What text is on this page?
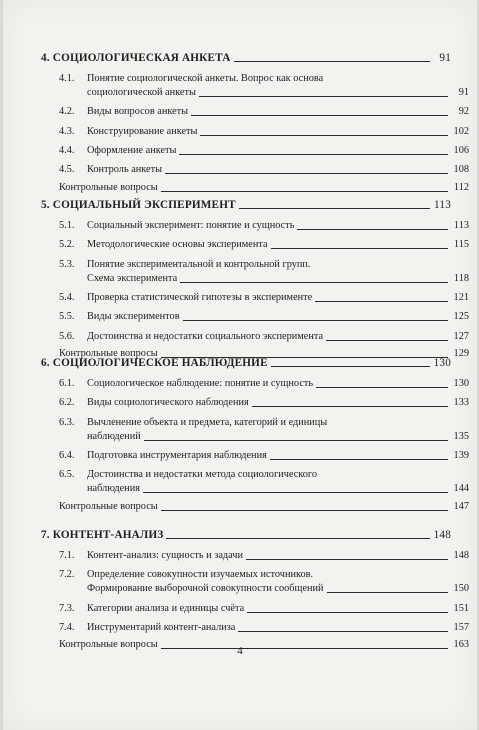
4. СОЦИОЛОГИЧЕСКАЯ АНКЕТА	91
4.1.	Понятие социологической анкеты. Вопрос как основа
социологической анкеты	91
4.2.	Виды вопросов анкеты	92
4.3.	Конструирование анкеты	102
4.4.	Оформление анкеты	106
4.5.	Контроль анкеты	108
Контрольные вопросы	112
5. СОЦИАЛЬНЫЙ ЭКСПЕРИМЕНТ	113
5.1.	Социальный эксперимент: понятие и сущность	113
5.2.	Методологические основы эксперимента	115
5.3.	Понятие экспериментальной и контрольной групп.
Схема эксперимента	118
5.4.	Проверка статистической гипотезы в эксперименте	121
5.5.	Виды экспериментов	125
5.6.	Достоинства и недостатки социального эксперимента	127
Контрольные вопросы	129
6. СОЦИОЛОГИЧЕСКОЕ НАБЛЮДЕНИЕ	130
6.1.	Социологическое наблюдение: понятие и сущность	130
6.2.	Виды социологического наблюдения	133
6.3.	Вычленение объекта и предмета, категорий и единицы
наблюдений	135
6.4.	Подготовка инструментария наблюдения	139
6.5.	Достоинства и недостатки метода социологического
наблюдения	144
Контрольные вопросы	147
7. КОНТЕНТ-АНАЛИЗ	148
7.1.	Контент-анализ: сущность и задачи	148
7.2.	Определение совокупности изучаемых источников.
Формирование выборочной совокупности сообщений	150
7.3.	Категории анализа и единицы счёта	151
7.4.	Инструментарий контент-анализа	157
Контрольные вопросы	163
4
